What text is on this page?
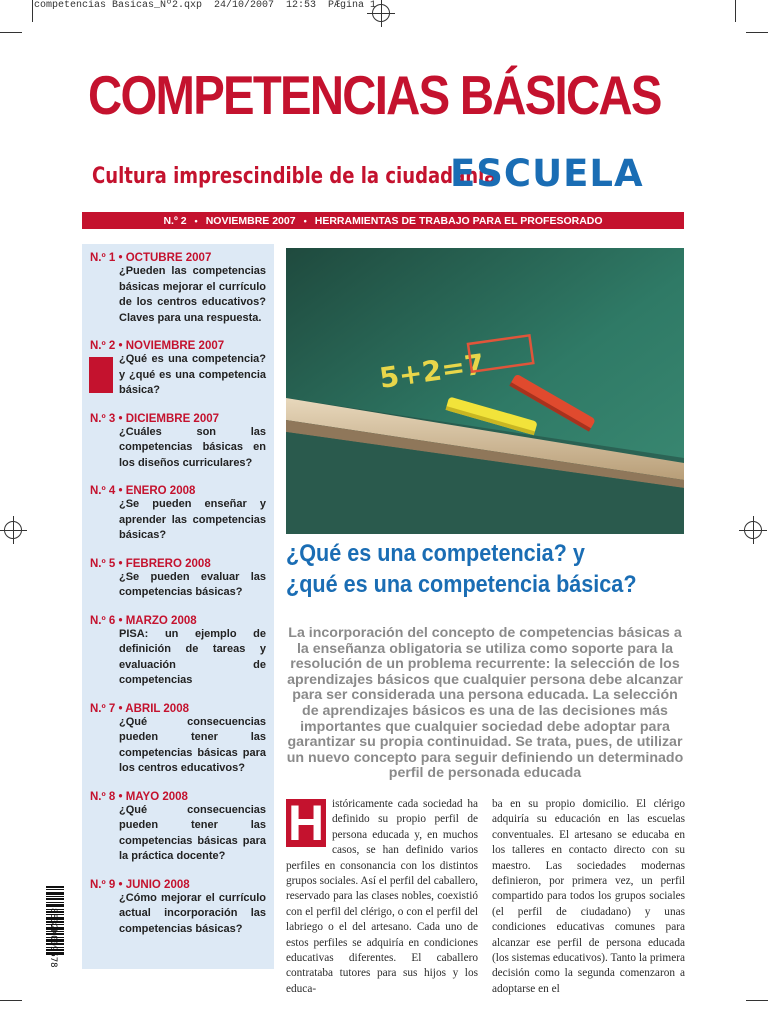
competencias Basicas_Nº2.qxp  24/10/2007  12:53  PÆgina 1
COMPETENCIAS BÁSICAS
Cultura imprescindible de la ciudadanía
ESCUELA
N.º 2 • NOVIEMBRE 2007 • HERRAMIENTAS DE TRABAJO PARA EL PROFESORADO
N.º 1 • OCTUBRE 2007
¿Pueden las competencias básicas mejorar el currículo de los centros educativos? Claves para una respuesta.
N.º 2 • NOVIEMBRE 2007
¿Qué es una competencia? y ¿qué es una competencia básica?
N.º 3 • DICIEMBRE 2007
¿Cuáles son las competencias básicas en los diseños curriculares?
N.º 4 • ENERO 2008
¿Se pueden enseñar y aprender las competencias básicas?
N.º 5 • FEBRERO 2008
¿Se pueden evaluar las competencias básicas?
N.º 6 • MARZO 2008
PISA: un ejemplo de definición de tareas y evaluación de competencias
N.º 7 • ABRIL 2008
¿Qué consecuencias pueden tener las competencias básicas para los centros educativos?
N.º 8 • MAYO 2008
¿Qué consecuencias pueden tener las competencias básicas para la práctica docente?
N.º 9 • JUNIO 2008
¿Cómo mejorar el currículo actual incorporación las competencias básicas?
8832K009578
5+2=7
¿Qué es una competencia? y
¿qué es una competencia básica?
La incorporación del concepto de competencias básicas a la enseñanza obligatoria se utiliza como soporte para la resolución de un problema recurrente: la selección de los aprendizajes básicos que cualquier persona debe alcanzar para ser considerada una persona educada. La selección de aprendizajes básicos es una de las decisiones más importantes que cualquier sociedad debe adoptar para garantizar su propia continuidad. Se trata, pues, de utilizar un nuevo concepto para seguir definiendo un determinado perfil de personada educada
H istóricamente cada sociedad ha definido su propio perfil de persona educada y, en muchos casos, se han definido varios perfiles en consonancia con los distintos grupos sociales. Así el perfil del caballero, reservado para las clases nobles, coexistió con el perfil del clérigo, o con el perfil del labriego o el del artesano. Cada uno de estos perfiles se adquiría en condiciones educativas diferentes. El caballero contrataba tutores para sus hijos y los educa-
ba en su propio domicilio. El clérigo adquiría su educación en las escuelas conventuales. El artesano se educaba en los talleres en contacto directo con su maestro. Las sociedades modernas definieron, por primera vez, un perfil compartido para todos los grupos sociales (el perfil de ciudadano) y unas condiciones educativas comunes para alcanzar ese perfil de persona educada (los sistemas educativos). Tanto la primera decisión como la segunda comenzaron a adoptarse en el
